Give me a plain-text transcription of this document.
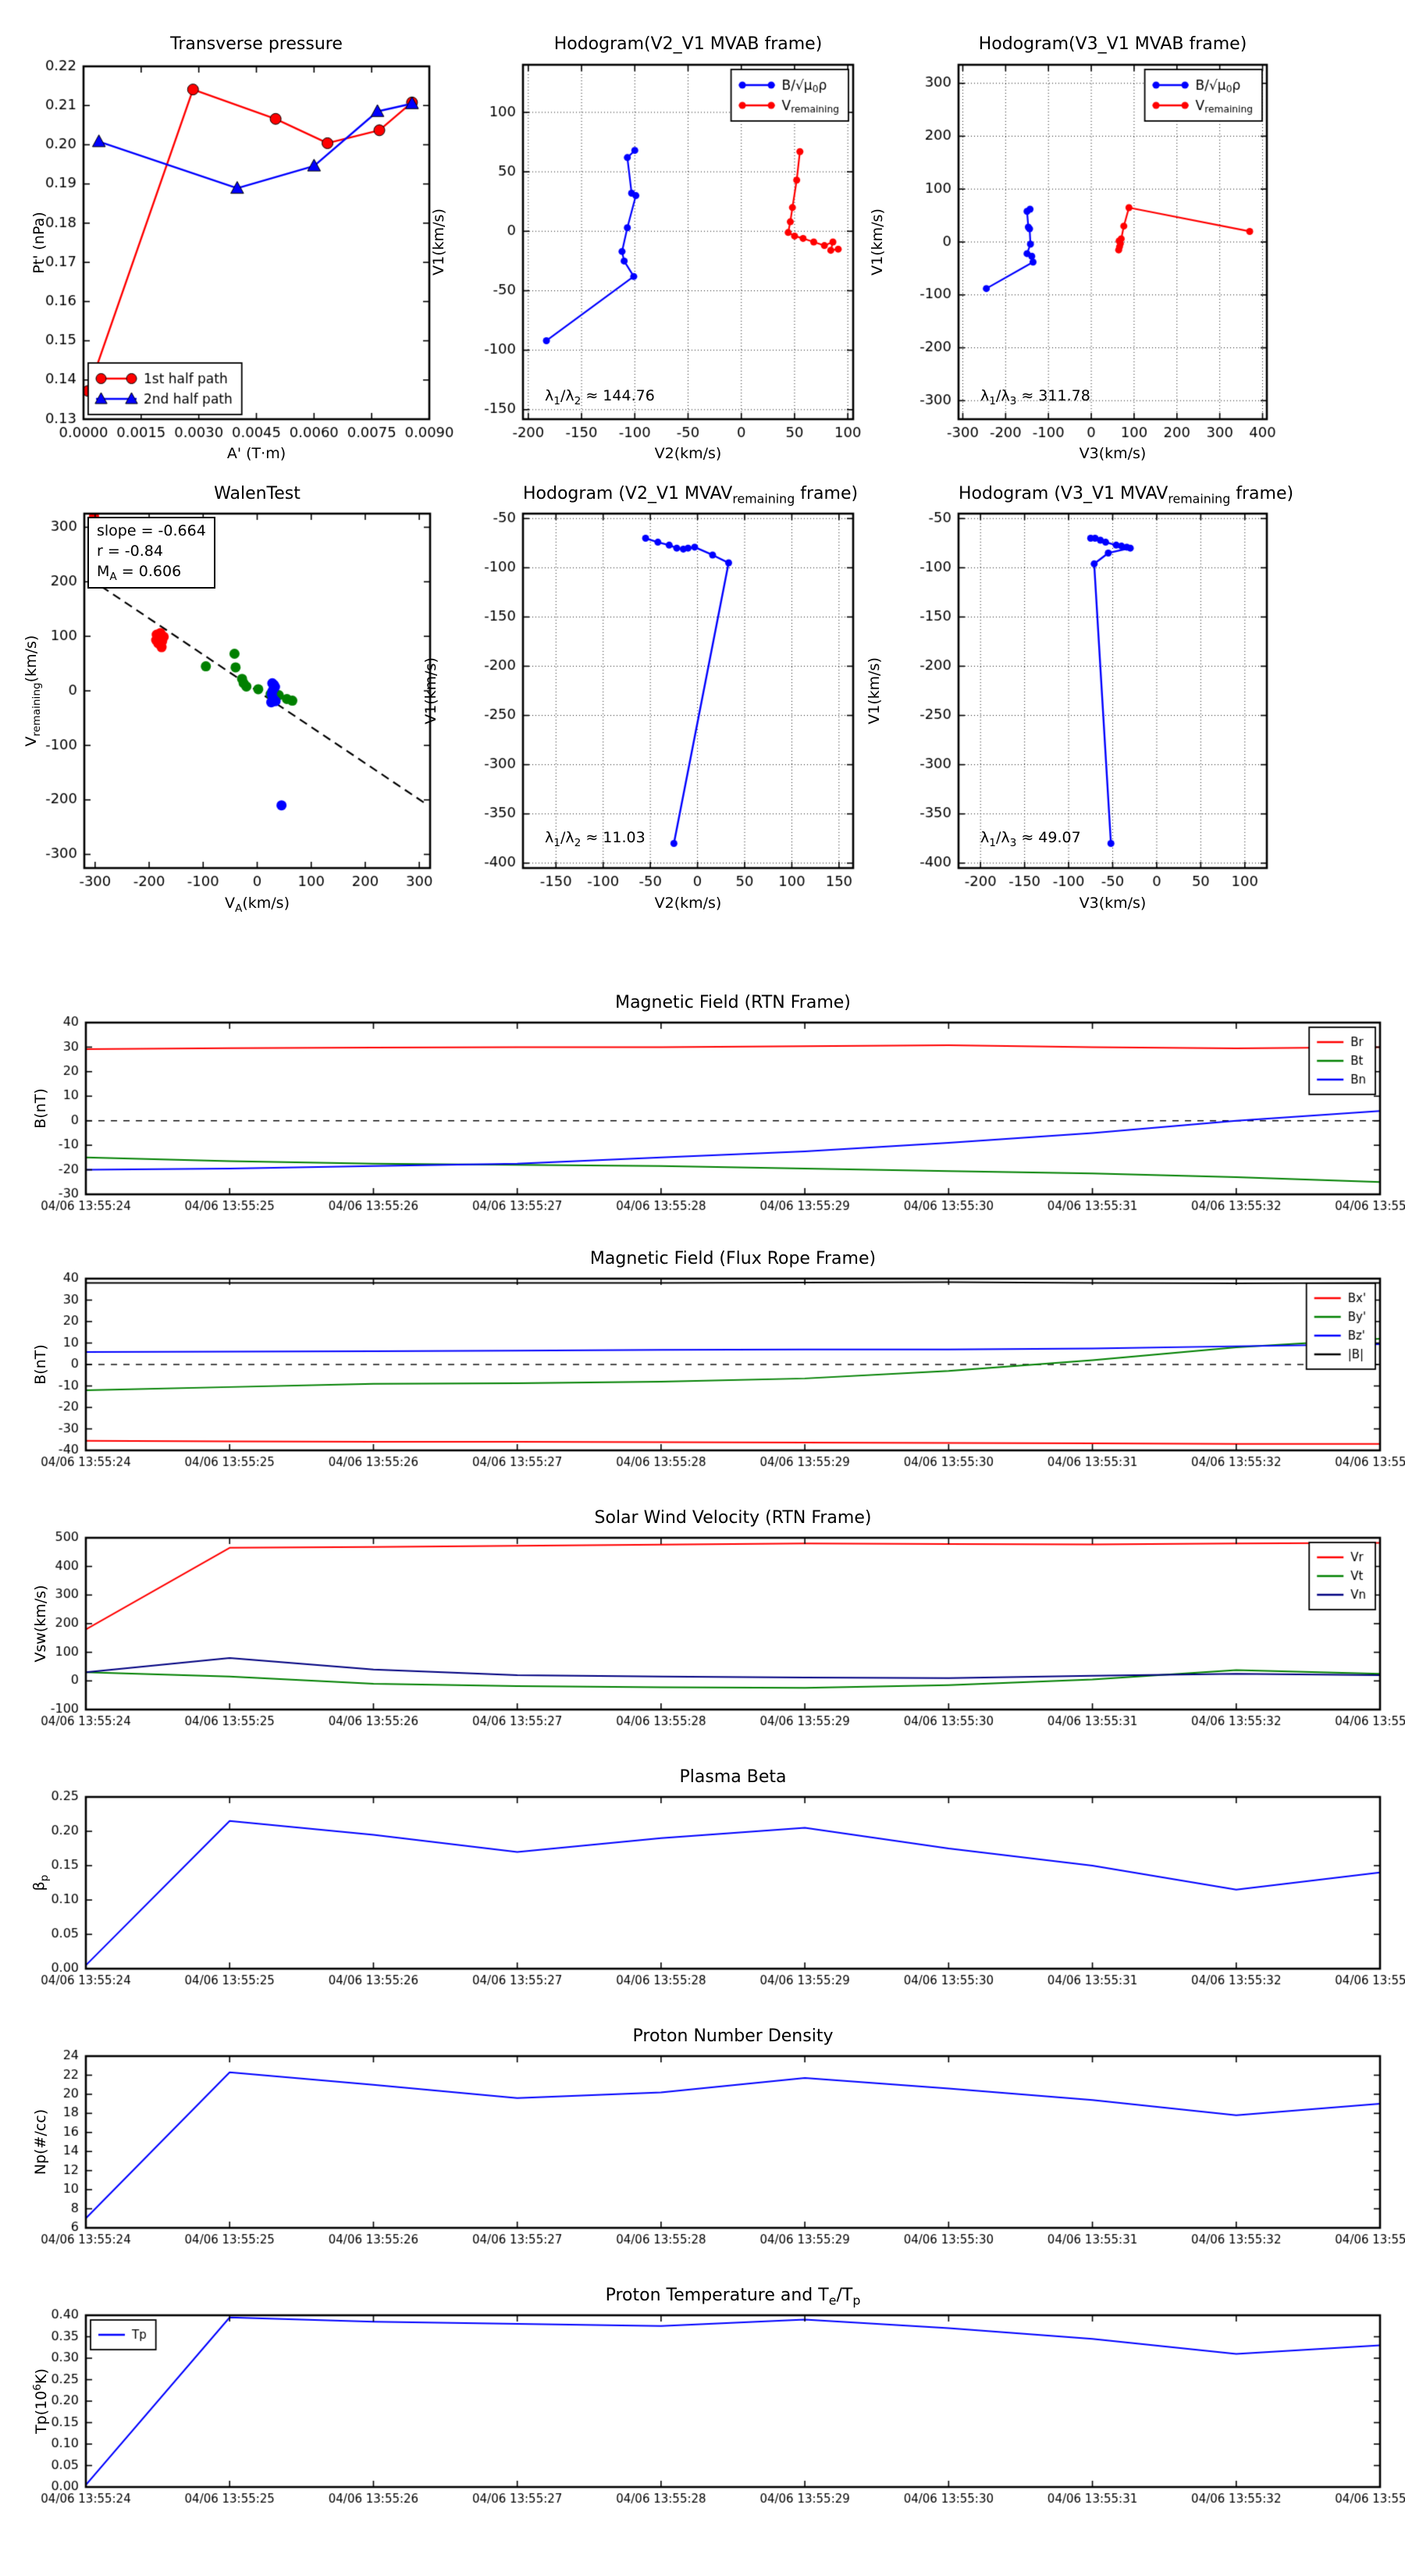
Transverse pressure	Hodogram(V2_V1 MVAB frame)	Hodogram(V3_V1 MVAB frame)
WalenTest	Hodogram (V2_V1 $MVAV_{remaining}$ frame)	Hodogram (V3_V1 $MVAV_{remaining}$ frame)
Magnetic Field (RTN Frame)
Magnetic Field (Flux Rope Frame)
Solar Wind Velocity (RTN Frame)
Plasma Beta
Proton Number Density
Proton Temperature and $T_e/T_p$
A' (T·m)	V2(km/s)	V3(km/s)
$V_A(km/s)$	V2(km/s)	V3(km/s)
Pt' (nPa)	V1(km/s)	V1(km/s)
$V_{remaining}(km/s)$	V1(km/s)	V1(km/s)
B(nT)
B(nT)
Vsw(km/s)
$\beta_p$
Np(#/cc)
$Tp(10^6K)$
$\lambda_1/\lambda_2 \approx 144.76$	$\lambda_1/\lambda_3 \approx 311.78$
$\lambda_1/\lambda_2 \approx 11.03$	$\lambda_1/\lambda_3 \approx 49.07$
slope = -0.664
r = -0.84
$M_A = 0.606$
